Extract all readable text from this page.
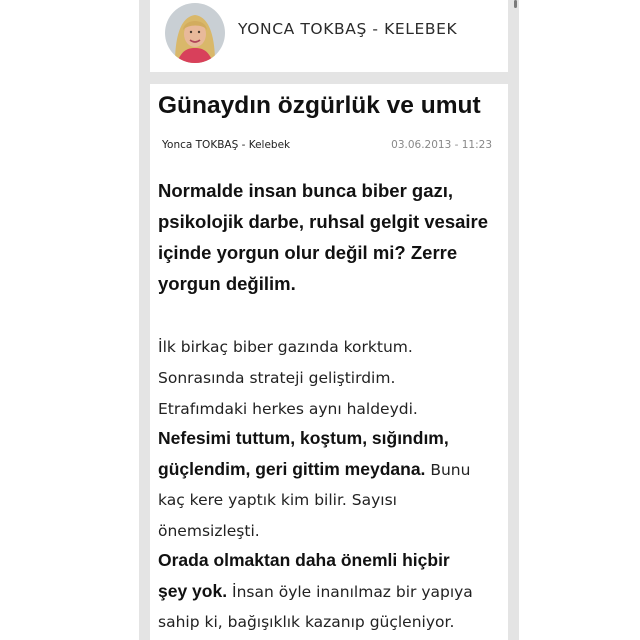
YONCA TOKBAŞ - KELEBEK
Günaydın özgürlük ve umut
Yonca TOKBAŞ - Kelebek	03.06.2013 - 11:23

Normalde insan bunca biber gazı, psikolojik darbe, ruhsal gelgit vesaire içinde yorgun olur değil mi? Zerre yorgun değilim.

İlk birkaç biber gazında korktum.
Sonrasında strateji geliştirdim.
Etrafımdaki herkes aynı haldeydi.
Nefesimi tuttum, koştum, sığındım,
güçlendim, geri gittim meydana. Bunu
kaç kere yaptık kim bilir. Sayısı
önemsizleşti.
Orada olmaktan daha önemli hiçbir
şey yok. İnsan öyle inanılmaz bir yapıya
sahip ki, bağışıklık kazanıp güçleniyor.
